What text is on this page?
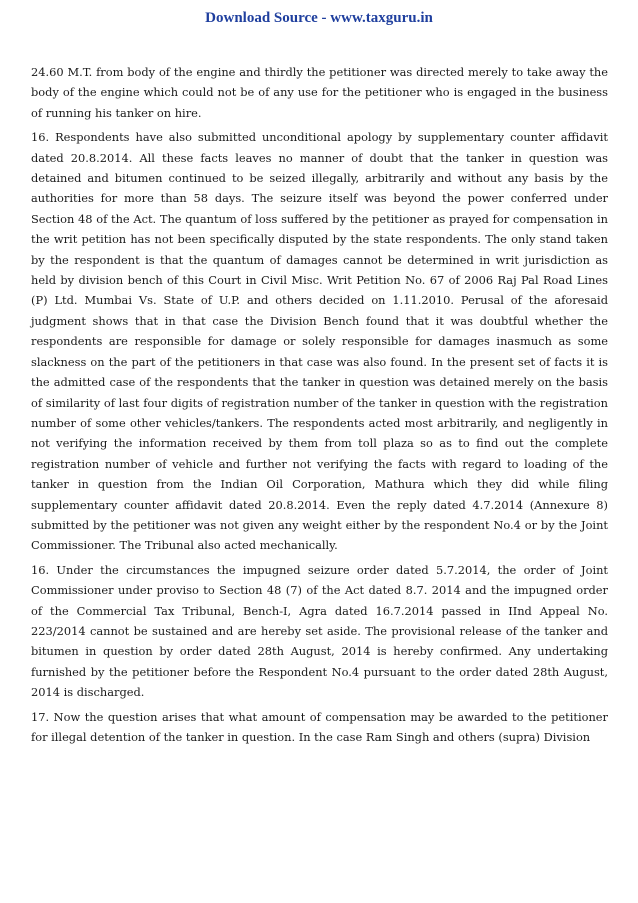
Download Source - www.taxguru.in

24.60 M.T. from body of the engine and thirdly the petitioner was directed merely to take away the body of the engine which could not be of any use for the petitioner who is engaged in the business of running his tanker on hire.

16. Respondents have also submitted unconditional apology by supplementary counter affidavit dated 20.8.2014. All these facts leaves no manner of doubt that the tanker in question was detained and bitumen continued to be seized illegally, arbitrarily and without any basis by the authorities for more than 58 days. The seizure itself was beyond the power conferred under Section 48 of the Act. The quantum of loss suffered by the petitioner as prayed for compensation in the writ petition has not been specifically disputed by the state respondents. The only stand taken by the respondent is that the quantum of damages cannot be determined in writ jurisdiction as held by division bench of this Court in Civil Misc. Writ Petition No. 67 of 2006 Raj Pal Road Lines (P) Ltd. Mumbai Vs. State of U.P. and others decided on 1.11.2010. Perusal of the aforesaid judgment shows that in that case the Division Bench found that it was doubtful whether the respondents are responsible for damage or solely responsible for damages inasmuch as some slackness on the part of the petitioners in that case was also found. In the present set of facts it is the admitted case of the respondents that the tanker in question was detained merely on the basis of similarity of last four digits of registration number of the tanker in question with the registration number of some other vehicles/tankers. The respondents acted most arbitrarily, and negligently in not verifying the information received by them from toll plaza so as to find out the complete registration number of vehicle and further not verifying the facts with regard to loading of the tanker in question from the Indian Oil Corporation, Mathura which they did while filing supplementary counter affidavit dated 20.8.2014. Even the reply dated 4.7.2014 (Annexure 8) submitted by the petitioner was not given any weight either by the respondent No.4 or by the Joint Commissioner. The Tribunal also acted mechanically.

16. Under the circumstances the impugned seizure order dated 5.7.2014, the order of Joint Commissioner under proviso to Section 48 (7) of the Act dated 8.7. 2014 and the impugned order of the Commercial Tax Tribunal, Bench-I, Agra dated 16.7.2014 passed in IInd Appeal No. 223/2014 cannot be sustained and are hereby set aside. The provisional release of the tanker and bitumen in question by order dated 28th August, 2014 is hereby confirmed. Any undertaking furnished by the petitioner before the Respondent No.4 pursuant to the order dated 28th August, 2014 is discharged.

17. Now the question arises that what amount of compensation may be awarded to the petitioner for illegal detention of the tanker in question. In the case Ram Singh and others (supra) Division
